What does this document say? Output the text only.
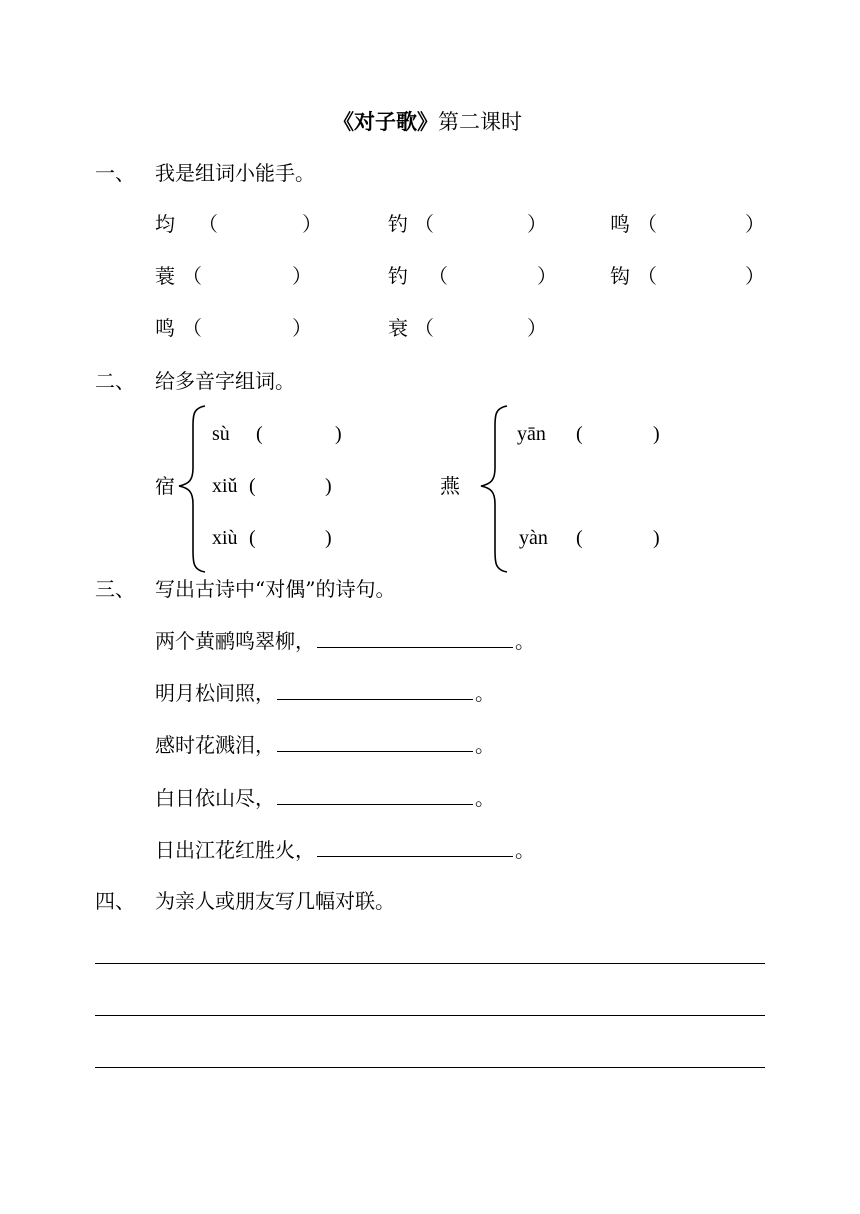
《对子歌》第二课时
一、 我是组词小能手。
均 （	）	钓 （	）	鸣 （	）
蓑 （	）	钓 （	）	钩 （	）
鸣 （	）	衰 （	）
二、 给多音字组词。
宿
sù (	)
xiǔ (	)
xiù (	)
燕
yān (	)
yàn (	)
三、 写出古诗中“对偶”的诗句。
两个黄鹂鸣翠柳，	。
明月松间照，	。
感时花溅泪，	。
白日依山尽，	。
日出江花红胜火，	。
四、 为亲人或朋友写几幅对联。
